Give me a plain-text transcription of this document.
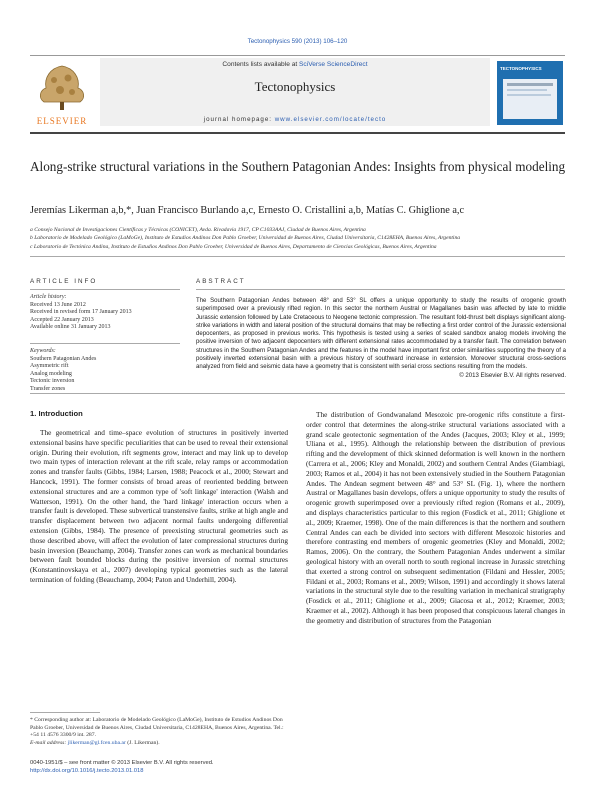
Tectonophysics 590 (2013) 106–120
ELSEVIER
Contents lists available at SciVerse ScienceDirect
Tectonophysics
journal homepage: www.elsevier.com/locate/tecto
TECTONOPHYSICS
Along-strike structural variations in the Southern Patagonian Andes: Insights from physical modeling
Jeremías Likerman a,b,*, Juan Francisco Burlando a,c, Ernesto O. Cristallini a,b, Matías C. Ghiglione a,c
a Consejo Nacional de Investigaciones Científicas y Técnicas (CONICET), Avda. Rivadavia 1917, CP C1033AAJ, Ciudad de Buenos Aires, Argentina
b Laboratorio de Modelado Geológico (LaMoGe), Instituto de Estudios Andinos Don Pablo Groeber, Universidad de Buenos Aires, Ciudad Universitaria, C1428EHA, Buenos Aires, Argentina
c Laboratorio de Tectónica Andina, Instituto de Estudios Andinos Don Pablo Groeber, Universidad de Buenos Aires, Departamento de Ciencias Geológicas, Buenos Aires, Argentina
ARTICLE INFO
Article history:
Received 13 June 2012
Received in revised form 17 January 2013
Accepted 22 January 2013
Available online 31 January 2013
Keywords:
Southern Patagonian Andes
Asymmetric rift
Analog modeling
Tectonic inversion
Transfer zones
ABSTRACT
The Southern Patagonian Andes between 48° and 53° SL offers a unique opportunity to study the results of orogenic growth superimposed over a previously rifted region. In this sector the northern Austral or Magallanes basin was affected by late to middle Jurassic extension followed by Late Cretaceous to Neogene tectonic compression. The resultant fold-thrust belt displays significant along-strike variations in width and lateral position of the structural domains that may be reflecting a first order control of the Jurassic extensional depocenters, as proposed in previous works. This hypothesis is tested using a series of scaled sandbox analog models involving the positive inversion of two adjacent depocenters with different extensional rates accommodated by a transfer fault. The correlation between structures in the Southern Patagonian Andes and the features in the model have important first order similarities supporting the theory of a positively inverted extensional basin with a previous history of southward increase in extension. Moreover structural cross-sections analyzed from field and seismic data have a geometry that is consistent with serial cross sections resulting from the models.
© 2013 Elsevier B.V. All rights reserved.
1. Introduction

The geometrical and time–space evolution of structures in positively inverted extensional basins have specific peculiarities that can be used to reveal their extensional origin. During their evolution, rift segments grow, interact and may link up to develop two main types of interaction relevant at the rift scale, relay ramps or accommodation zones and transfer faults (Gibbs, 1984; Larsen, 1988; Peacock et al., 2000; Stewart and Hancock, 1991). The former consists of broad areas of reoriented bedding between extensional structures and are a common type of 'soft linkage' interaction (Walsh and Watterson, 1991). On the other hand, the 'hard linkage' interaction occurs when a transfer fault is developed. These subvertical transtensive faults, strike at high angle and transfer displacement between two adjacent normal faults undergoing differential extension (Gibbs, 1984). The presence of preexisting structural geometries such as those described above, will affect the evolution of later compressional structures during basin inversion (Beauchamp, 2004). Transfer zones can work as mechanical boundaries between fault bounded blocks during the positive inversion of normal structures (Konstantinovskaya et al., 2007) developing typical geometries such as the lateral termination of folding (Beauchamp, 2004; Paton and Underhill, 2004).

The distribution of Gondwanaland Mesozoic pre-orogenic rifts constitute a first-order control that determines the along-strike structural variations associated with a grand scale geotectonic segmentation of the Andes (Jacques, 2003; Kley et al., 1999; Uliana et al., 1995). Although the relationship between the distribution of previous rifting and the development of thick skinned deformation is well known in the northern (Carrera et al., 2006; Kley and Monaldi, 2002) and southern Central Andes (Giambiagi, 2003; Ramos et al., 2004) it has not been extensively studied in the Southern Patagonian Andes. The Andean segment between 48° and 53° SL (Fig. 1), where the northern Austral or Magallanes basin develops, offers a unique opportunity to study the results of orogenic growth superimposed over a previously rifted region (Romans et al., 2009), and displays characteristics particular to this region (Fosdick et al., 2011; Ghiglione et al., 2009; Kraemer, 1998). One of the main differences is that the northern and southern Central Andes can each be divided into sectors with different Mesozoic histories and therefore contrasting end members of orogenic geometries (Kley and Monaldi, 2002; Ramos, 2006). On the contrary, the Southern Patagonian Andes underwent a similar geological history with an overall north to south regional increase in Jurassic stretching that exerted a strong control on subsequent sedimentation (Fildani and Hessler, 2005; Fildani et al., 2003; Romans et al., 2009; Wilson, 1991) and accordingly it shows lateral variations in the structural style due to the resulting variation in mechanical stratigraphy (Fosdick et al., 2011; Ghiglione et al., 2009; Giacosa et al., 2012; Kraemer, 2003; Kraemer et al., 2002). Although it has been proposed that conspicuous lateral changes in the geometry and distribution of structures from the Patagonian

* Corresponding author at: Laboratorio de Modelado Geológico (LaMoGe), Instituto de Estudios Andinos Don Pablo Groeber, Universidad de Buenos Aires, Ciudad Universitaria, C1428EHA, Buenos Aires, Argentina. Tel.: +54 11 4576 3300/9 int. 287.
E-mail address: jlikerman@gl.fcen.uba.ar (J. Likerman).
0040-1951/$ – see front matter © 2013 Elsevier B.V. All rights reserved.
http://dx.doi.org/10.1016/j.tecto.2013.01.018
